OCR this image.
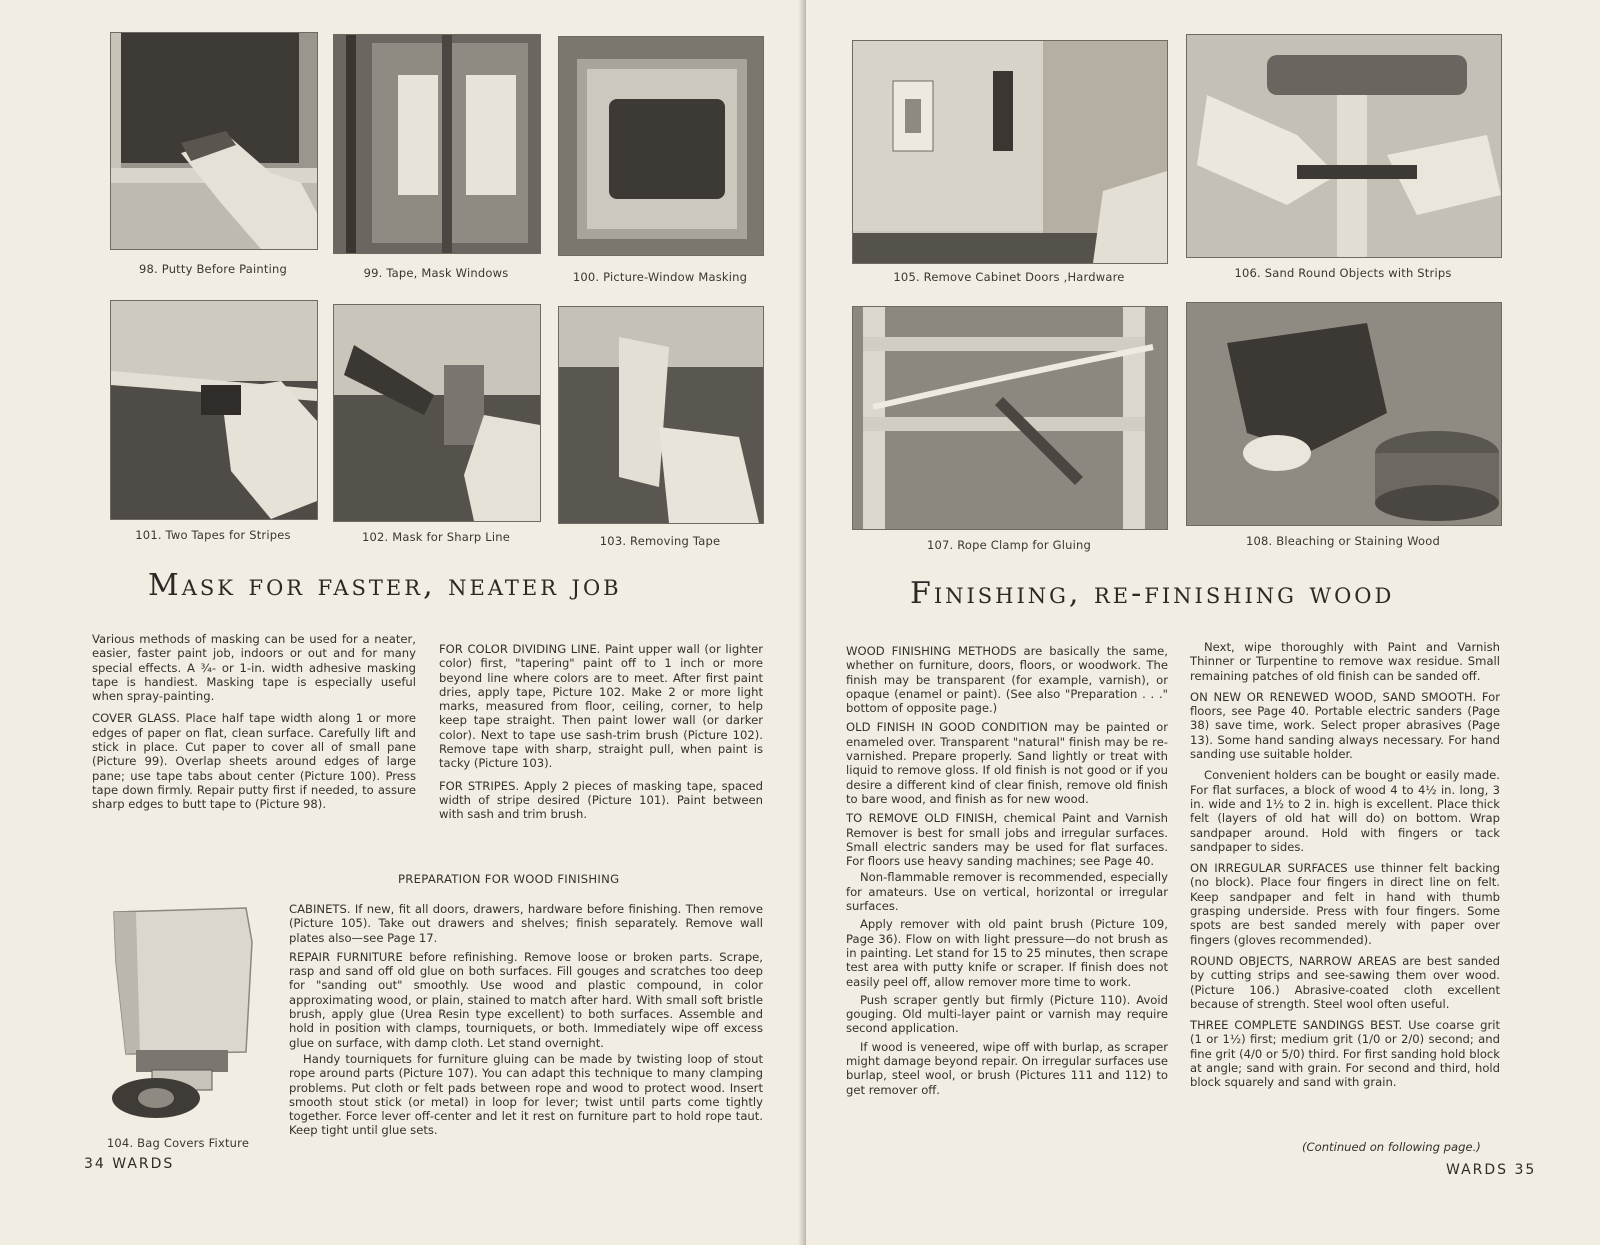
98. Putty Before Painting	99. Tape, Mask Windows	100. Picture-Window Masking
101. Two Tapes for Stripes	102. Mask for Sharp Line	103. Removing Tape
Mask for faster, neater job

Various methods of masking can be used for a neater, easier, faster paint job, indoors or out and for many special effects. A ¾- or 1-in. width adhesive masking tape is handiest. Masking tape is especially useful when spray-painting.

COVER GLASS. Place half tape width along 1 or more edges of paper on flat, clean surface. Carefully lift and stick in place. Cut paper to cover all of small pane (Picture 99). Overlap sheets around edges of large pane; use tape tabs about center (Picture 100). Press tape down firmly. Repair putty first if needed, to assure sharp edges to butt tape to (Picture 98).

FOR COLOR DIVIDING LINE. Paint upper wall (or lighter color) first, "tapering" paint off to 1 inch or more beyond line where colors are to meet. After first paint dries, apply tape, Picture 102. Make 2 or more light marks, measured from floor, ceiling, corner, to help keep tape straight. Then paint lower wall (or darker color). Next to tape use sash-trim brush (Picture 102). Remove tape with sharp, straight pull, when paint is tacky (Picture 103).

FOR STRIPES. Apply 2 pieces of masking tape, spaced width of stripe desired (Picture 101). Paint between with sash and trim brush.

PREPARATION FOR WOOD FINISHING
104. Bag Covers Fixture

CABINETS. If new, fit all doors, drawers, hardware before finishing. Then remove (Picture 105). Take out drawers and shelves; finish separately. Remove wall plates also—see Page 17.

REPAIR FURNITURE before refinishing. Remove loose or broken parts. Scrape, rasp and sand off old glue on both surfaces. Fill gouges and scratches too deep for "sanding out" smoothly. Use wood and plastic compound, in color approximating wood, or plain, stained to match after hard. With small soft bristle brush, apply glue (Urea Resin type excellent) to both surfaces. Assemble and hold in position with clamps, tourniquets, or both. Immediately wipe off excess glue on surface, with damp cloth. Let stand overnight.

Handy tourniquets for furniture gluing can be made by twisting loop of stout rope around parts (Picture 107). You can adapt this technique to many clamping problems. Put cloth or felt pads between rope and wood to protect wood. Insert smooth stout stick (or metal) in loop for lever; twist until parts come tightly together. Force lever off-center and let it rest on furniture part to hold rope taut. Keep tight until glue sets.

34 WARDS
105. Remove Cabinet Doors ,Hardware	106. Sand Round Objects with Strips
107. Rope Clamp for Gluing	108. Bleaching or Staining Wood
Finishing, re-finishing wood

WOOD FINISHING METHODS are basically the same, whether on furniture, doors, floors, or woodwork. The finish may be transparent (for example, varnish), or opaque (enamel or paint). (See also "Preparation . . ." bottom of opposite page.)

OLD FINISH IN GOOD CONDITION may be painted or enameled over. Transparent "natural" finish may be re-varnished. Prepare properly. Sand lightly or treat with liquid to remove gloss. If old finish is not good or if you desire a different kind of clear finish, remove old finish to bare wood, and finish as for new wood.

TO REMOVE OLD FINISH, chemical Paint and Varnish Remover is best for small jobs and irregular surfaces. Small electric sanders may be used for flat surfaces. For floors use heavy sanding machines; see Page 40.

Non-flammable remover is recommended, especially for amateurs. Use on vertical, horizontal or irregular surfaces.

Apply remover with old paint brush (Picture 109, Page 36). Flow on with light pressure—do not brush as in painting. Let stand for 15 to 25 minutes, then scrape test area with putty knife or scraper. If finish does not easily peel off, allow remover more time to work.

Push scraper gently but firmly (Picture 110). Avoid gouging. Old multi-layer paint or varnish may require second application.

If wood is veneered, wipe off with burlap, as scraper might damage beyond repair. On irregular surfaces use burlap, steel wool, or brush (Pictures 111 and 112) to get remover off.

Next, wipe thoroughly with Paint and Varnish Thinner or Turpentine to remove wax residue. Small remaining patches of old finish can be sanded off.

ON NEW OR RENEWED WOOD, SAND SMOOTH. For floors, see Page 40. Portable electric sanders (Page 38) save time, work. Select proper abrasives (Page 13). Some hand sanding always necessary. For hand sanding use suitable holder.

Convenient holders can be bought or easily made. For flat surfaces, a block of wood 4 to 4½ in. long, 3 in. wide and 1½ to 2 in. high is excellent. Place thick felt (layers of old hat will do) on bottom. Wrap sandpaper around. Hold with fingers or tack sandpaper to sides.

ON IRREGULAR SURFACES use thinner felt backing (no block). Place four fingers in direct line on felt. Keep sandpaper and felt in hand with thumb grasping underside. Press with four fingers. Some spots are best sanded merely with paper over fingers (gloves recommended).

ROUND OBJECTS, NARROW AREAS are best sanded by cutting strips and see-sawing them over wood. (Picture 106.) Abrasive-coated cloth excellent because of strength. Steel wool often useful.

THREE COMPLETE SANDINGS BEST. Use coarse grit (1 or 1½) first; medium grit (1/0 or 2/0) second; and fine grit (4/0 or 5/0) third. For first sanding hold block at angle; sand with grain. For second and third, hold block squarely and sand with grain.

(Continued on following page.)
WARDS 35
